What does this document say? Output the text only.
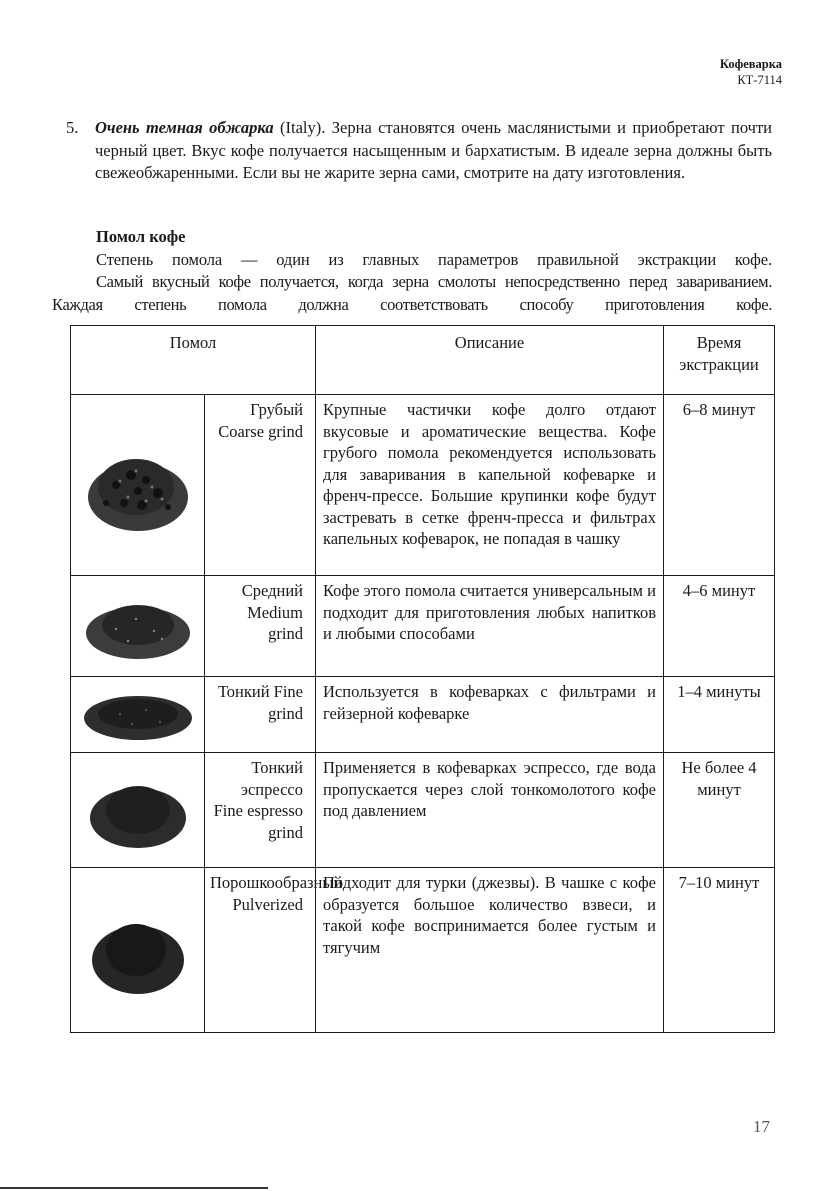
Кофеварка
КТ-7114
5. Очень темная обжарка (Italy). Зерна становятся очень маслянистыми и приобретают почти черный цвет. Вкус кофе получается насыщенным и бархатистым. В идеале зерна должны быть свежеобжаренными. Если вы не жарите зерна сами, смотрите на дату изготовления.
Помол кофе
Степень помола — один из главных параметров правильной экстракции кофе.
Самый вкусный кофе получается, когда зерна смолоты непосредственно перед завариванием. Каждая степень помола должна соответствовать способу приготовления кофе.
Помол		Описание	Время экстракции

	Грубый Coarse grind	Крупные частички кофе долго отдают вкусовые и ароматические вещества. Кофе грубого помола рекомендуется использовать для заваривания в капельной кофеварке и френч-прессе. Большие крупинки кофе будут застревать в сетке френч-пресса и фильтрах капельных кофеварок, не попадая в чашку	6–8 минут

	Средний Medium grind	Кофе этого помола считается универсальным и подходит для приготовления любых напитков и любыми способами	4–6 минут

	Тонкий Fine grind	Используется в кофеварках с фильтрами и гейзерной кофеварке	1–4 минуты

	Тонкий эспрессо Fine espresso grind	Применяется в кофеварках эспрессо, где вода пропускается через слой тонкомолотого кофе под давлением	Не более 4 минут

	Порошкообразный Pulverized	Подходит для турки (джезвы). В чашке с кофе образуется большое количество взвеси, и такой кофе воспринимается более густым и тягучим	7–10 минут
17
